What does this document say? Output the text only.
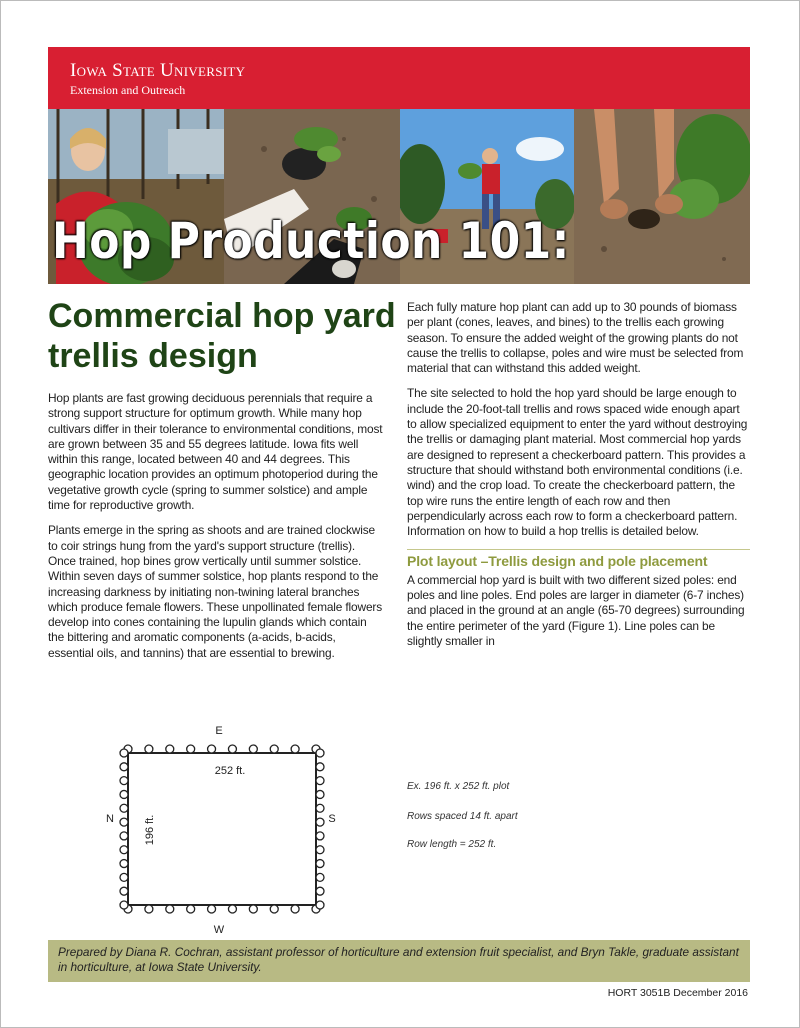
Iowa State University
Extension and Outreach
Hop Production 101:
Commercial hop yard trellis design

Hop plants are fast growing deciduous perennials that require a strong support structure for optimum growth. While many hop cultivars differ in their tolerance to environmental conditions, most are grown between 35 and 55 degrees latitude. Iowa fits well within this range, located between 40 and 44 degrees. This geographic location provides an optimum photoperiod during the vegetative growth cycle (spring to summer solstice) and ample time for reproductive growth.

Plants emerge in the spring as shoots and are trained clockwise to coir strings hung from the yard's support structure (trellis). Once trained, hop bines grow vertically until summer solstice. Within seven days of summer solstice, hop plants respond to the increasing darkness by initiating non-twining lateral branches which produce female flowers. These unpollinated female flowers develop into cones containing the lupulin glands which contain the bittering and aromatic components (a-acids, b-acids, essential oils, and tannins) that are essential to brewing.

Each fully mature hop plant can add up to 30 pounds of biomass per plant (cones, leaves, and bines) to the trellis each growing season. To ensure the added weight of the growing plants do not cause the trellis to collapse, poles and wire must be selected from material that can withstand this added weight.

The site selected to hold the hop yard should be large enough to include the 20-foot-tall trellis and rows spaced wide enough apart to allow specialized equipment to enter the yard without destroying the trellis or damaging plant material. Most commercial hop yards are designed to represent a checkerboard pattern. This provides a structure that should withstand both environmental conditions (i.e. wind) and the crop load. To create the checkerboard pattern, the top wire runs the entire length of each row and then perpendicularly across each row to form a checkerboard pattern. Information on how to build a hop trellis is detailed below.

Plot layout –Trellis design and pole placement

A commercial hop yard is built with two different sized poles: end poles and line poles. End poles are larger in diameter (6-7 inches) and placed in the ground at an angle (65-70 degrees) surrounding the entire perimeter of the yard (Figure 1). Line poles can be slightly smaller in

E
W
N	S
252 ft.
196 ft.
Ex. 196 ft. x 252 ft. plot
Rows spaced 14 ft. apart
Row length = 252 ft.
Prepared by Diana R. Cochran, assistant professor of horticulture and extension fruit specialist, and Bryn Takle, graduate assistant in horticulture, at Iowa State University.
HORT 3051B December 2016
